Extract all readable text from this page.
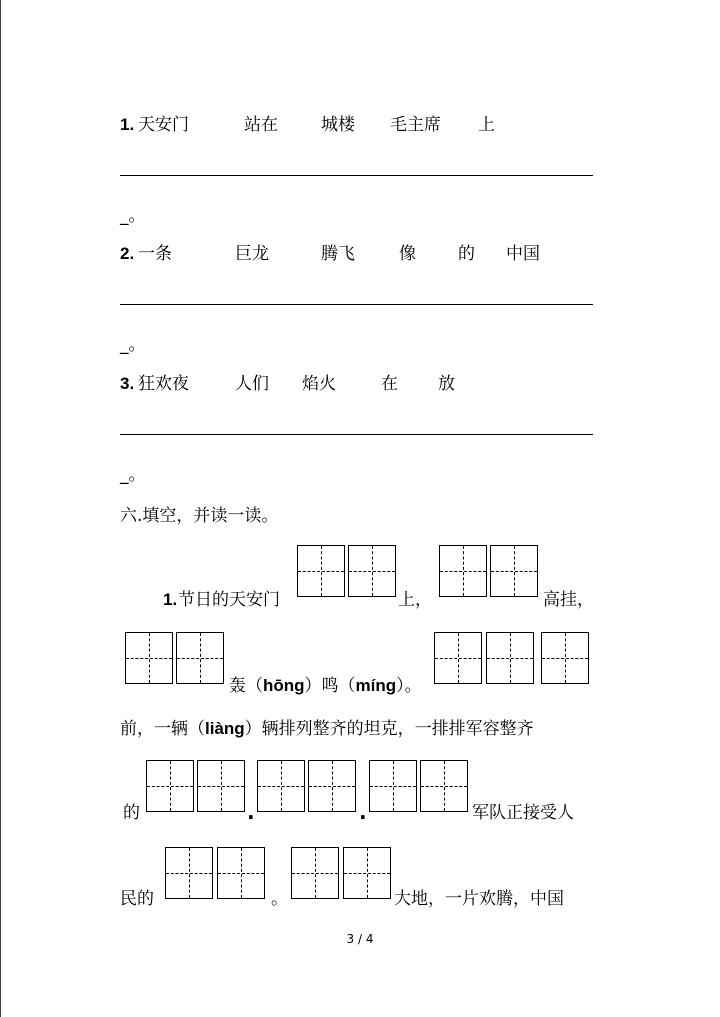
1. 天安门	站在	城楼 毛主席 上
_。
2. 一条	巨龙	腾飞	像 的 中国
_。
3. 狂欢夜	人们 焰火	在 放
_。
六.填空，并读一读。
1. 节日的天安门	上，	高挂，
轰（hōng）鸣（míng）。
前，一辆（liàng）辆排列整齐的坦克，一排排军容整齐
的	.	.	军队正接受人
民的	。	大地，一片欢腾，中国
3 / 4
